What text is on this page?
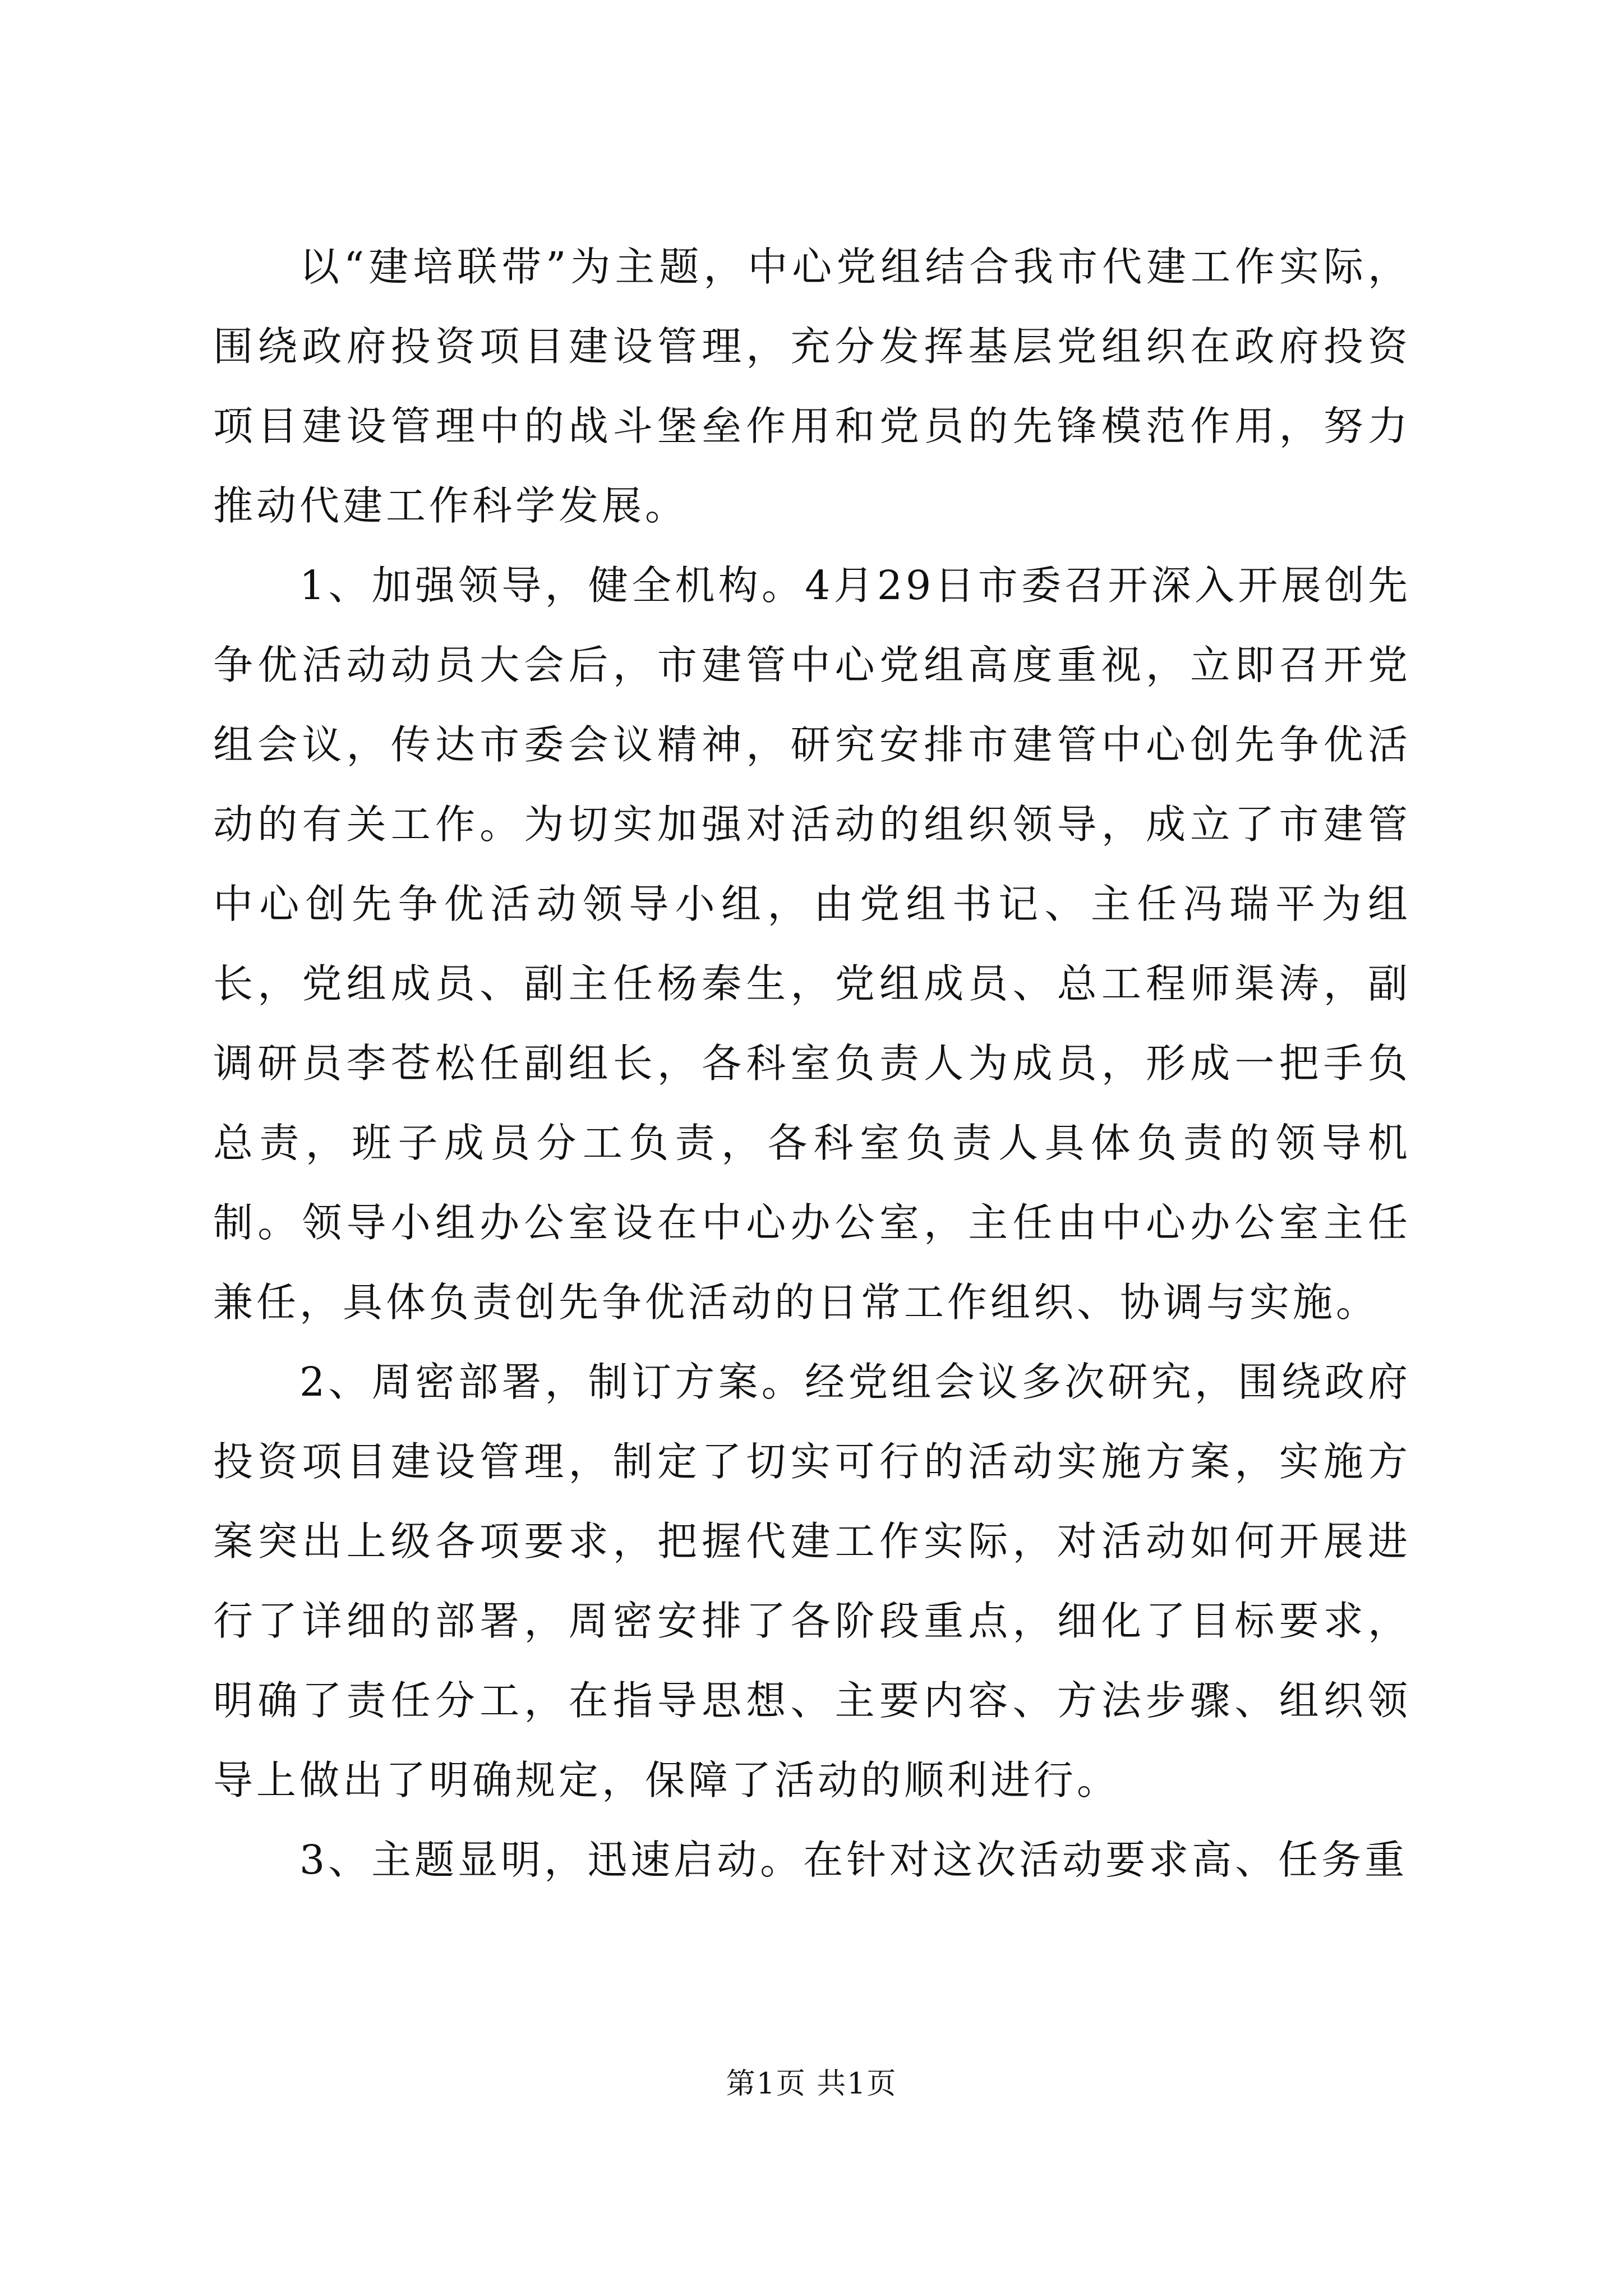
以“建培联带”为主题，中心党组结合我市代建工作实际，围绕政府投资项目建设管理，充分发挥基层党组织在政府投资项目建设管理中的战斗堡垒作用和党员的先锋模范作用，努力推动代建工作科学发展。

1、加强领导，健全机构。4月29日市委召开深入开展创先争优活动动员大会后，市建管中心党组高度重视，立即召开党组会议，传达市委会议精神，研究安排市建管中心创先争优活动的有关工作。为切实加强对活动的组织领导，成立了市建管中心创先争优活动领导小组，由党组书记、主任冯瑞平为组长，党组成员、副主任杨秦生，党组成员、总工程师渠涛，副调研员李苍松任副组长，各科室负责人为成员，形成一把手负总责，班子成员分工负责，各科室负责人具体负责的领导机制。领导小组办公室设在中心办公室，主任由中心办公室主任兼任，具体负责创先争优活动的日常工作组织、协调与实施。

2、周密部署，制订方案。经党组会议多次研究，围绕政府投资项目建设管理，制定了切实可行的活动实施方案，实施方案突出上级各项要求，把握代建工作实际，对活动如何开展进行了详细的部署，周密安排了各阶段重点，细化了目标要求，明确了责任分工，在指导思想、主要内容、方法步骤、组织领导上做出了明确规定，保障了活动的顺利进行。

3、主题显明，迅速启动。在针对这次活动要求高、任务重

第1页 共1页
